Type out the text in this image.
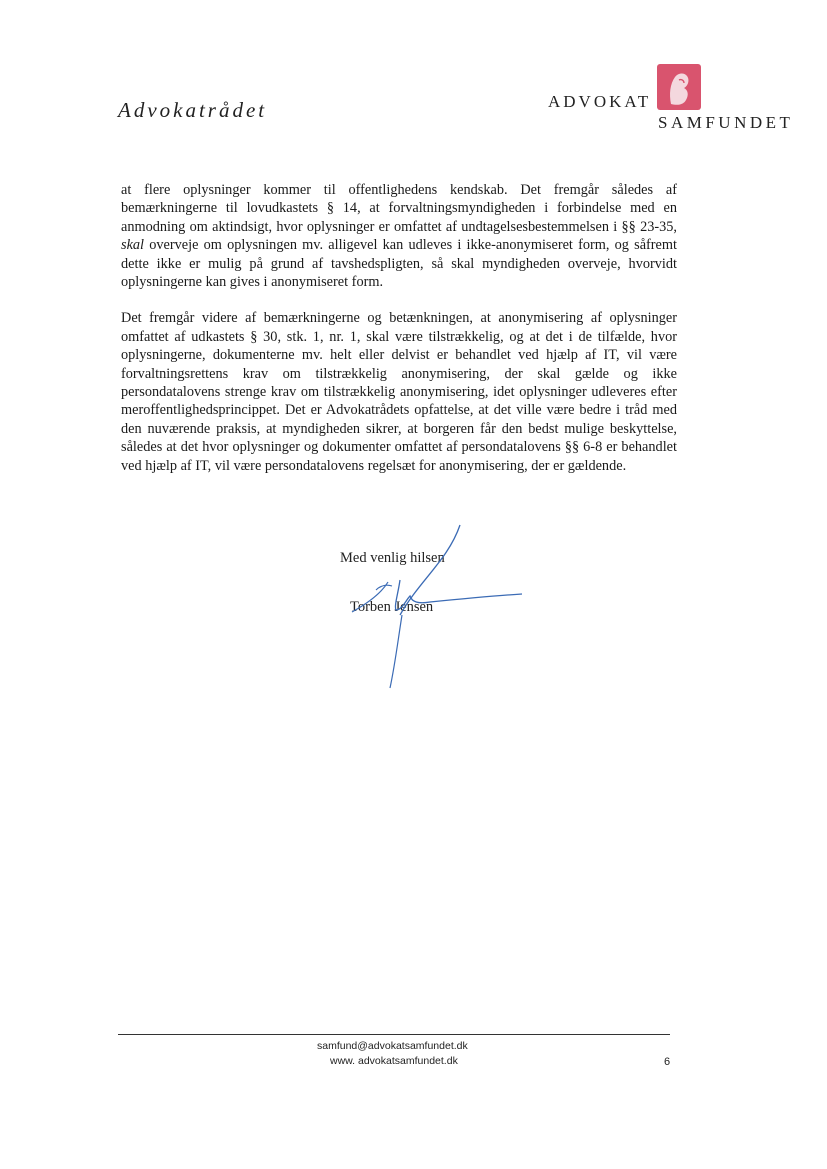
Advokatrådet	ADVOKAT
SAMFUNDET

at flere oplysninger kommer til offentlighedens kendskab. Det fremgår således af bemærkningerne til lovudkastets § 14, at forvaltningsmyndigheden i forbindelse med en anmodning om aktindsigt, hvor oplysninger er omfattet af undtagelsesbestemmelsen i §§ 23-35, skal overveje om oplysningen mv. alligevel kan udleves i ikke-anonymiseret form, og såfremt dette ikke er mulig på grund af tavshedspligten, så skal myndigheden overveje, hvorvidt oplysningerne kan gives i anonymiseret form.

Det fremgår videre af bemærkningerne og betænkningen, at anonymisering af oplysninger omfattet af udkastets § 30, stk. 1, nr. 1, skal være tilstrækkelig, og at det i de tilfælde, hvor oplysningerne, dokumenterne mv. helt eller delvist er behandlet ved hjælp af IT, vil være forvaltningsrettens krav om tilstrækkelig anonymisering, der skal gælde og ikke persondatalovens strenge krav om tilstrækkelig anonymisering, idet oplysninger udleveres efter meroffentlighedsprincippet. Det er Advokatrådets opfattelse, at det ville være bedre i tråd med den nuværende praksis, at myndigheden sikrer, at borgeren får den bedst mulige beskyttelse, således at det hvor oplysninger og dokumenter omfattet af persondatalovens §§ 6-8 er behandlet ved hjælp af IT, vil være persondatalovens regelsæt for anonymisering, der er gældende.

Med venlig hilsen
Torben Jensen
samfund@advokatsamfundet.dk
www. advokatsamfundet.dk	6
